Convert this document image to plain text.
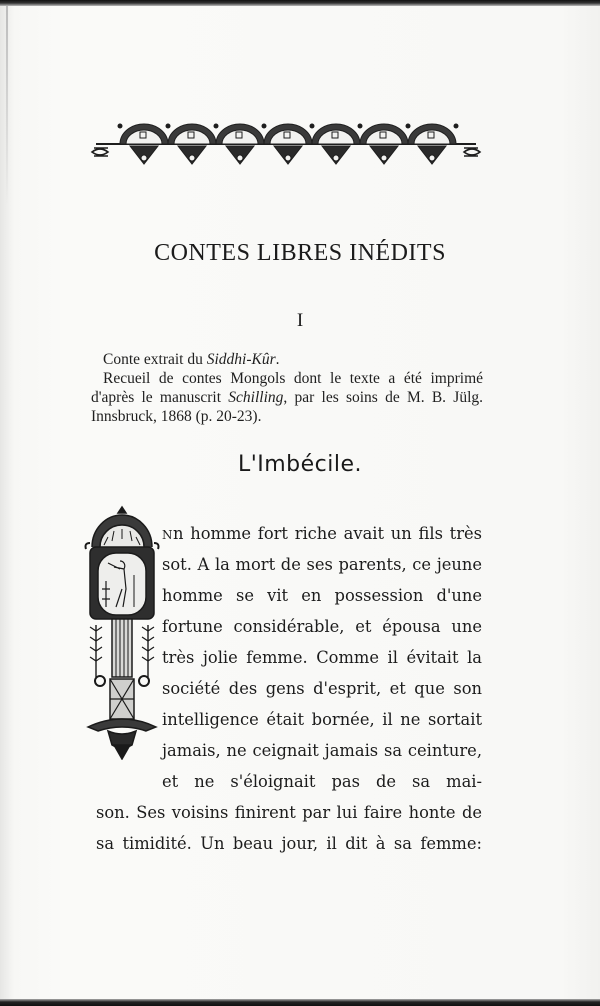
CONTES LIBRES INÉDITS
I

Conte extrait du Siddhi-Kûr.

Recueil de contes Mongols dont le texte a été imprimé

d'après le manuscrit Schilling, par les soins de M. B. Jülg.

Innsbruck, 1868 (p. 20-23).

L'Imbécile.
Nn homme fort riche avait un fils très
sot. A la mort de ses parents, ce jeune
homme se vit en possession d'une
fortune considérable, et épousa une
très jolie femme. Comme il évitait la
société des gens d'esprit, et que son
intelligence était bornée, il ne sortait
jamais, ne ceignait jamais sa ceinture,
et ne s'éloignait pas de sa mai-
son. Ses voisins finirent par lui faire honte de
sa timidité. Un beau jour, il dit à sa femme:
